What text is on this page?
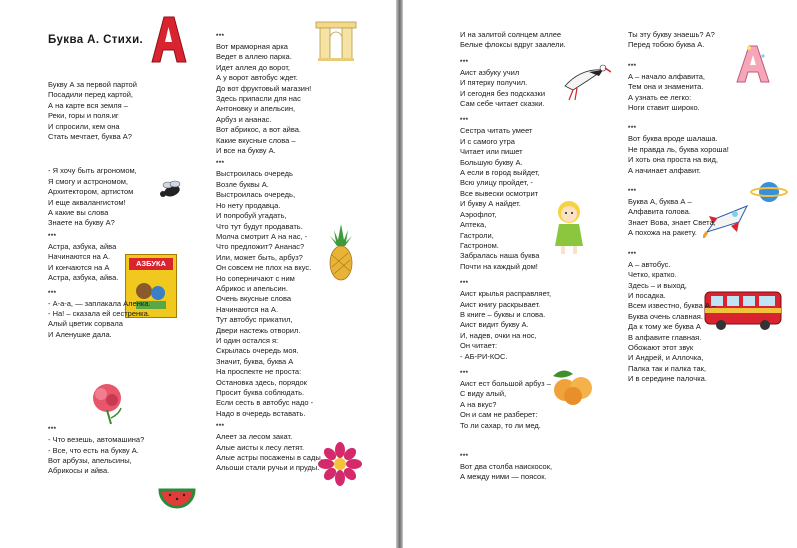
Буква А. Стихи.
АЗБУКА
Букву А за первой партой
Посадили перед картой,
А на карте вся земля –
Реки, горы и поля.иг
И спросили, кем она
Стать мечтает, буква А?
- Я хочу быть агрономом,
Я смогу и астрономом,
Архитектором, артистом
И еще аквалангистом!
А какие вы слова
Знаете на букву А?
***
Астра, азбука, айва
Начинаются на А.
И кончаются на А
Астра, азбука, айва.
***
- А-а-а, — заплакала Аленка.
- На! – сказала ей сестренка.
Алый цветик сорвала
И Аленушке дала.
***
- Что везешь, автомашина?
- Все, что есть на букву А.
Вот арбузы, апельсины,
Абрикосы и айва.
***
Вот мраморная арка
Ведет в аллею парка.
Идет аллея до ворот,
А у ворот автобус ждет.
До вот фруктовый магазин!
Здесь припасли для нас
Антоновку и апельсин,
Арбуз и ананас.
Вот абрикос, а вот айва.
Какие вкусные слова –
И все на букву А.
***
Выстроилась очередь
Возле буквы А.
Выстроилась очередь,
Но нету продавца.
И попробуй угадать,
Что тут будут продавать.
Молча смотрит А на нас, -
Что предложит? Ананас?
Или, может быть, арбуз?
Он совсем не плох на вкус.
Но соперничают с ним
Абрикос и апельсин.
Очень вкусные слова
Начинаются на А.
Тут автобус прикатил,
Двери настежь отворил.
И один остался я:
Скрылась очередь моя.
Значит, буква, буква А
На проспекте не проста:
Остановка здесь, порядок
Просит буква соблюдать.
Если сесть в автобус надо -
Надо в очередь вставать.
***
Алеет за лесом закат.
Алые аисты к лесу летят.
Алые астры посажены в сады,
Альоши стали ручьи и пруды.
И на залитой солнцем аллее
Белые флоксы вдруг заалели.
***
Аист азбуку учил
И пятерку получил.
И сегодня без подсказки
Сам себе читает сказки.
***
Сестра читать умеет
И с самого утра
Читает или пишет
Большую букву А.
А если в город выйдет,
Всю улицу пройдет, -
Все вывески осмотрит
И букву А найдет.
Аэрофлот,
Аптека,
Гастроли,
Гастроном.
Забралась наша буква
Почти на каждый дом!
***
Аист крылья расправляет,
Аист книгу раскрывает.
В книге – буквы и слова.
Аист видит букву А.
И, надев, очки на нос,
Он читает:
- АБ-РИ-КОС.
***
Аист ест большой арбуз –
С виду алый,
А на вкус?
Он и сам не разберет:
То ли сахар, то ли мед.
***
Вот два столба наискосок,
А между ними — поясок.
Ты эту букву знаешь? А?
Перед тобою буква А.
***
А – начало алфавита,
Тем она и знаменита.
А узнать ее легко:
Ноги ставит широко.
***
Вот буква вроде шалаша.
Не правда ль, буква хороша!
И хоть она проста на вид,
А начинает алфавит.
***
Буква А, буква А –
Алфавита голова.
Знает Вова, знает Света,
А похожа на ракету.
***
А – автобус.
Четко, кратко.
Здесь – и выход,
И посадка.
Всем известно, буква А –
Буква очень славная.
Да к тому же буква А
В алфавите главная.
Обожают этот звук
И Андрей, и Аллочка,
Палка так и палка так,
И в середине палочка.
